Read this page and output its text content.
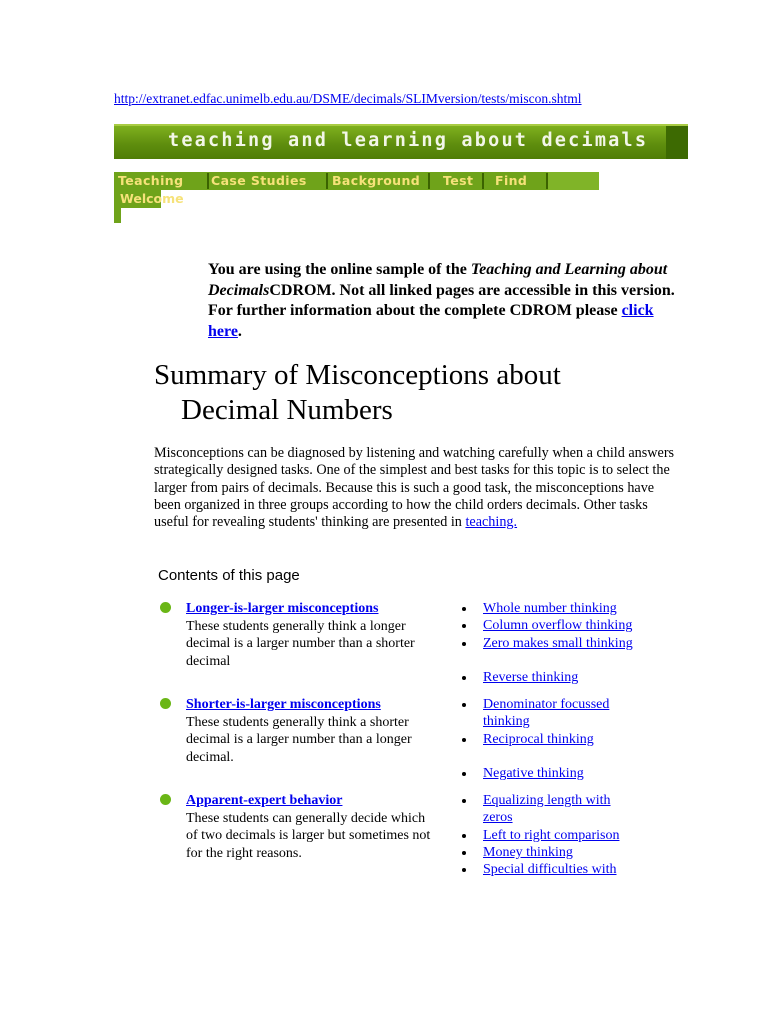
http://extranet.edfac.unimelb.edu.au/DSME/decimals/SLIMversion/tests/miscon.shtml
teaching and learning about decimals
Teaching Case Studies Background Test Find
Welcome
You are using the online sample of the Teaching and Learning about DecimalsCDROM. Not all linked pages are accessible in this version. For further information about the complete CDROM please click here.
Summary of Misconceptions about
Decimal Numbers
Misconceptions can be diagnosed by listening and watching carefully when a child answers strategically designed tasks. One of the simplest and best tasks for this topic is to select the larger from pairs of decimals. Because this is such a good task, the misconceptions have been organized in three groups according to how the child orders decimals. Other tasks useful for revealing students' thinking are presented in teaching.
Contents of this page
Longer-is-larger misconceptions
These students generally think a longer decimal is a larger number than a shorter decimal
Whole number thinking
Column overflow thinking
Zero makes small thinking
Reverse thinking
Shorter-is-larger misconceptions
These students generally think a shorter decimal is a larger number than a longer decimal.
Denominator focussed thinking
Reciprocal thinking
Negative thinking
Apparent-expert behavior
These students can generally decide which of two decimals is larger but sometimes not for the right reasons.
Equalizing length with zeros
Left to right comparison
Money thinking
Special difficulties with
